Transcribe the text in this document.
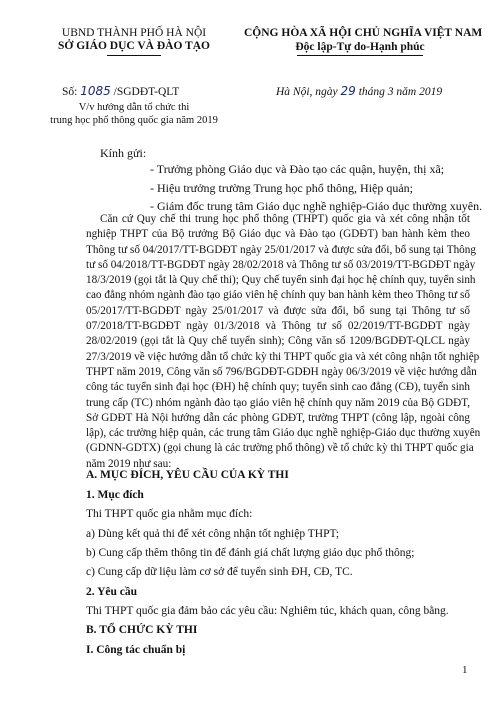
UBND THÀNH PHỐ HÀ NỘI
SỞ GIÁO DỤC VÀ ĐÀO TẠO
CỘNG HÒA XÃ HỘI CHỦ NGHĨA VIỆT NAM
Độc lập-Tự do-Hạnh phúc
Số: 1085 /SGDĐT-QLT	Hà Nội, ngày 29 tháng 3 năm 2019
V/v hướng dẫn tổ chức thi
trung học phổ thông quốc gia năm 2019
Kính gửi:
- Trưởng phòng Giáo dục và Đào tạo các quận, huyện, thị xã;
- Hiệu trưởng trường Trung học phổ thông, Hiệp quản;
- Giám đốc trung tâm Giáo dục nghề nghiệp-Giáo dục thường xuyên.
Căn cứ Quy chế thi trung học phổ thông (THPT) quốc gia và xét công nhận tốt
nghiệp THPT của Bộ trưởng Bộ Giáo dục và Đào tạo (GDĐT) ban hành kèm theo
Thông tư số 04/2017/TT-BGDĐT ngày 25/01/2017 và được sửa đổi, bổ sung tại Thông
tư số 04/2018/TT-BGDĐT ngày 28/02/2018 và Thông tư số 03/2019/TT-BGDĐT ngày
18/3/2019 (gọi tắt là Quy chế thi); Quy chế tuyển sinh đại học hệ chính quy, tuyển sinh
cao đẳng nhóm ngành đào tạo giáo viên hệ chính quy ban hành kèm theo Thông tư số
05/2017/TT-BGDĐT ngày 25/01/2017 và được sửa đổi, bổ sung tại Thông tư số
07/2018/TT-BGDĐT ngày 01/3/2018 và Thông tư số 02/2019/TT-BGDĐT ngày
28/02/2019 (gọi tắt là Quy chế tuyển sinh); Công văn số 1209/BGDĐT-QLCL ngày
27/3/2019 về việc hướng dẫn tổ chức kỳ thi THPT quốc gia và xét công nhận tốt nghiệp
THPT năm 2019, Công văn số 796/BGDĐT-GDĐH ngày 06/3/2019 về việc hướng dẫn
công tác tuyển sinh đại học (ĐH) hệ chính quy; tuyển sinh cao đẳng (CĐ), tuyển sinh
trung cấp (TC) nhóm ngành đào tạo giáo viên hệ chính quy năm 2019 của Bộ GDĐT,
Sở GDĐT Hà Nội hướng dẫn các phòng GDĐT, trường THPT (công lập, ngoài công
lập), các trường hiệp quản, các trung tâm Giáo dục nghề nghiệp-Giáo dục thường xuyên
(GDNN-GDTX) (gọi chung là các trường phổ thông) về tổ chức kỳ thi THPT quốc gia
năm 2019 như sau:
A. MỤC ĐÍCH, YÊU CẦU CỦA KỲ THI
1. Mục đích
Thi THPT quốc gia nhằm mục đích:
a) Dùng kết quả thi để xét công nhận tốt nghiệp THPT;
b) Cung cấp thêm thông tin để đánh giá chất lượng giáo dục phổ thông;
c) Cung cấp dữ liệu làm cơ sở để tuyển sinh ĐH, CĐ, TC.
2. Yêu cầu
Thi THPT quốc gia đảm bảo các yêu cầu: Nghiêm túc, khách quan, công bằng.
B. TỔ CHỨC KỲ THI
I. Công tác chuẩn bị
1
